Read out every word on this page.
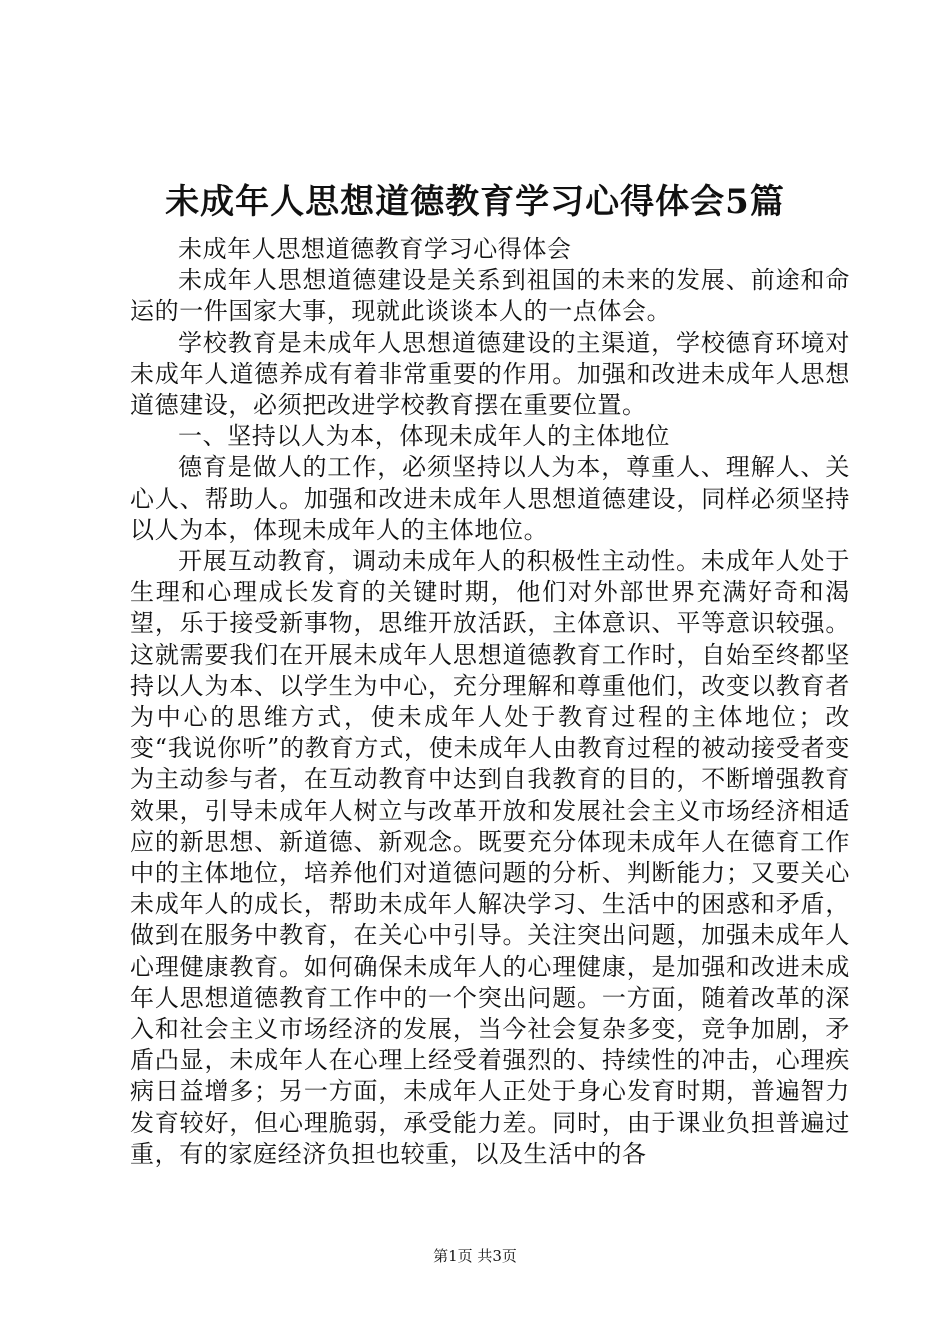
未成年人思想道德教育学习心得体会5篇

未成年人思想道德教育学习心得体会

未成年人思想道德建设是关系到祖国的未来的发展、前途和命运的一件国家大事，现就此谈谈本人的一点体会。

学校教育是未成年人思想道德建设的主渠道，学校德育环境对未成年人道德养成有着非常重要的作用。加强和改进未成年人思想道德建设，必须把改进学校教育摆在重要位置。

一、坚持以人为本，体现未成年人的主体地位

德育是做人的工作，必须坚持以人为本，尊重人、理解人、关心人、帮助人。加强和改进未成年人思想道德建设，同样必须坚持以人为本，体现未成年人的主体地位。

开展互动教育，调动未成年人的积极性主动性。未成年人处于生理和心理成长发育的关键时期，他们对外部世界充满好奇和渴望，乐于接受新事物，思维开放活跃，主体意识、平等意识较强。这就需要我们在开展未成年人思想道德教育工作时，自始至终都坚持以人为本、以学生为中心，充分理解和尊重他们，改变以教育者为中心的思维方式，使未成年人处于教育过程的主体地位；改变“我说你听”的教育方式，使未成年人由教育过程的被动接受者变为主动参与者，在互动教育中达到自我教育的目的，不断增强教育效果，引导未成年人树立与改革开放和发展社会主义市场经济相适应的新思想、新道德、新观念。既要充分体现未成年人在德育工作中的主体地位，培养他们对道德问题的分析、判断能力；又要关心未成年人的成长，帮助未成年人解决学习、生活中的困惑和矛盾，做到在服务中教育，在关心中引导。关注突出问题，加强未成年人心理健康教育。如何确保未成年人的心理健康，是加强和改进未成年人思想道德教育工作中的一个突出问题。一方面，随着改革的深入和社会主义市场经济的发展，当今社会复杂多变，竞争加剧，矛盾凸显，未成年人在心理上经受着强烈的、持续性的冲击，心理疾病日益增多；另一方面，未成年人正处于身心发育时期，普遍智力发育较好，但心理脆弱，承受能力差。同时，由于课业负担普遍过重，有的家庭经济负担也较重，以及生活中的各

第1页 共3页
